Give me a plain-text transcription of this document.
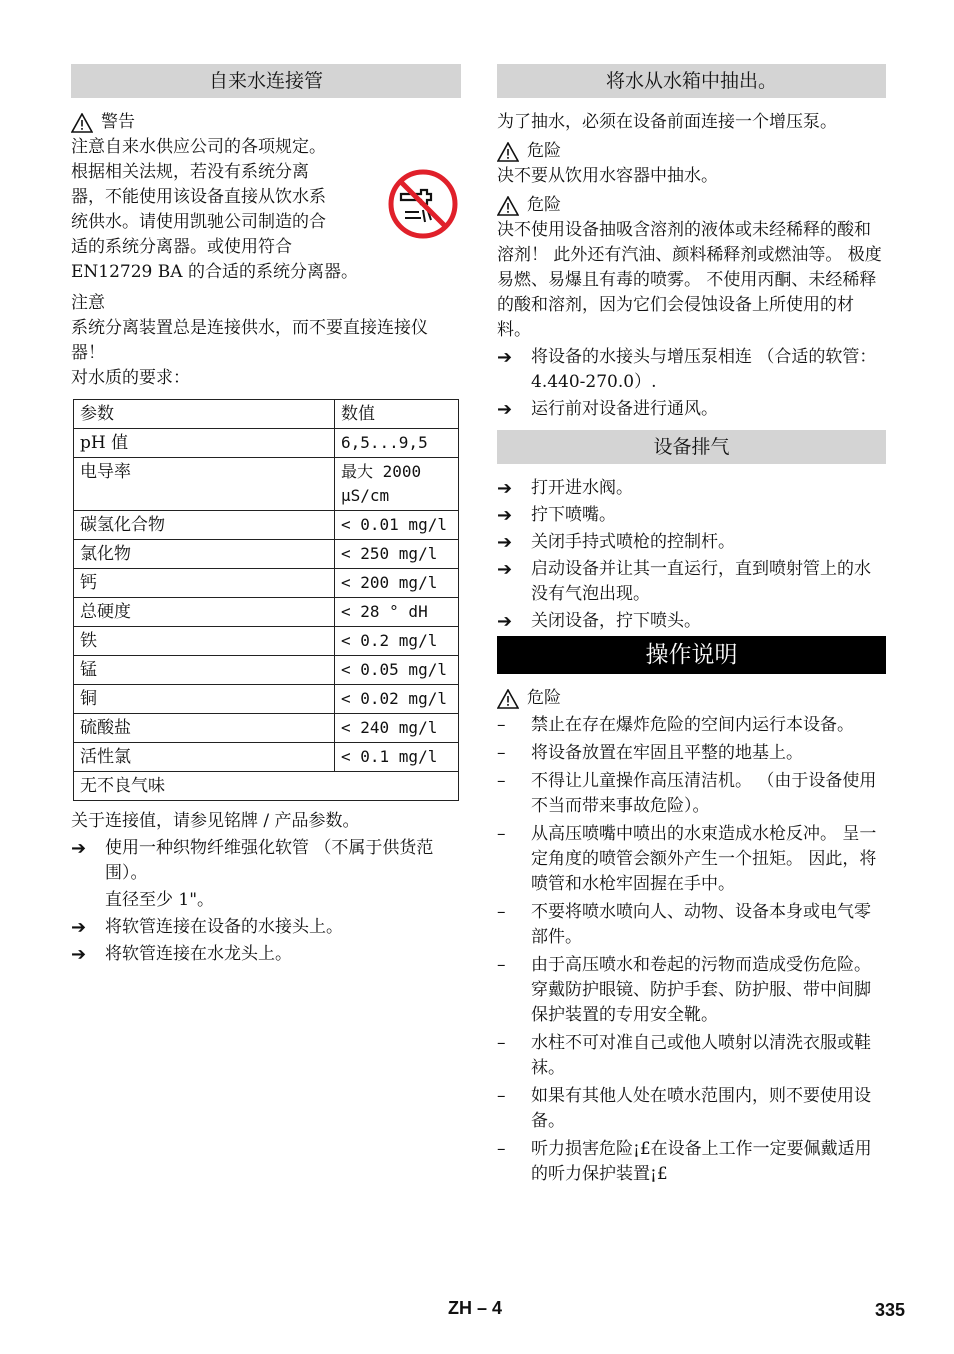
自来水连接管
警告
注意自来水供应公司的各项规定。
根据相关法规，若没有系统分离
器，不能使用该设备直接从饮水系
统供水。请使用凯驰公司制造的合
适的系统分离器。或使用符合
EN12729 BA 的合适的系统分离器。
注意
系统分离装置总是连接供水，而不要直接连接仪器！
对水质的要求：
参数	数值
pH 值	6,5...9,5
电导率	最大 2000 μS/cm
碳氢化合物	< 0.01 mg/l
氯化物	< 250 mg/l
钙	< 200 mg/l
总硬度	< 28 ° dH
铁	< 0.2 mg/l
锰	< 0.05 mg/l
铜	< 0.02 mg/l
硫酸盐	< 240 mg/l
活性氯	< 0.1 mg/l
无不良气味	
关于连接值，请参见铭牌 / 产品参数。
➔	使用一种织物纤维强化软管 （不属于供货范围）。
直径至少 1"。
➔	将软管连接在设备的水接头上。
➔	将软管连接在水龙头上。
将水从水箱中抽出。
为了抽水，必须在设备前面连接一个增压泵。
危险
决不要从饮用水容器中抽水。
危险
决不使用设备抽吸含溶剂的液体或未经稀释的酸和溶剂！ 此外还有汽油、颜料稀释剂或燃油等。 极度易燃、易爆且有毒的喷雾。 不使用丙酮、未经稀释的酸和溶剂，因为它们会侵蚀设备上所使用的材料。
➔	将设备的水接头与增压泵相连 （合适的软管： 4.440-270.0）.
➔	运行前对设备进行通风。
设备排气
➔	打开进水阀。
➔	拧下喷嘴。
➔	关闭手持式喷枪的控制杆。
➔	启动设备并让其一直运行，直到喷射管上的水没有气泡出现。
➔	关闭设备，拧下喷头。
操作说明
危险
–	禁止在存在爆炸危险的空间内运行本设备。
–	将设备放置在牢固且平整的地基上。
–	不得让儿童操作高压清洁机。 （由于设备使用不当而带来事故危险）。
–	从高压喷嘴中喷出的水束造成水枪反冲。 呈一定角度的喷管会额外产生一个扭矩。 因此，将喷管和水枪牢固握在手中。
–	不要将喷水喷向人、动物、设备本身或电气零部件。
–	由于高压喷水和卷起的污物而造成受伤危险。 穿戴防护眼镜、防护手套、防护服、带中间脚保护装置的专用安全靴。
–	水柱不可对准自己或他人喷射以清洗衣服或鞋袜。
–	如果有其他人处在喷水范围内，则不要使用设备。
–	听力损害危险¡£在设备上工作一定要佩戴适用的听力保护装置¡£
ZH – 4	335
